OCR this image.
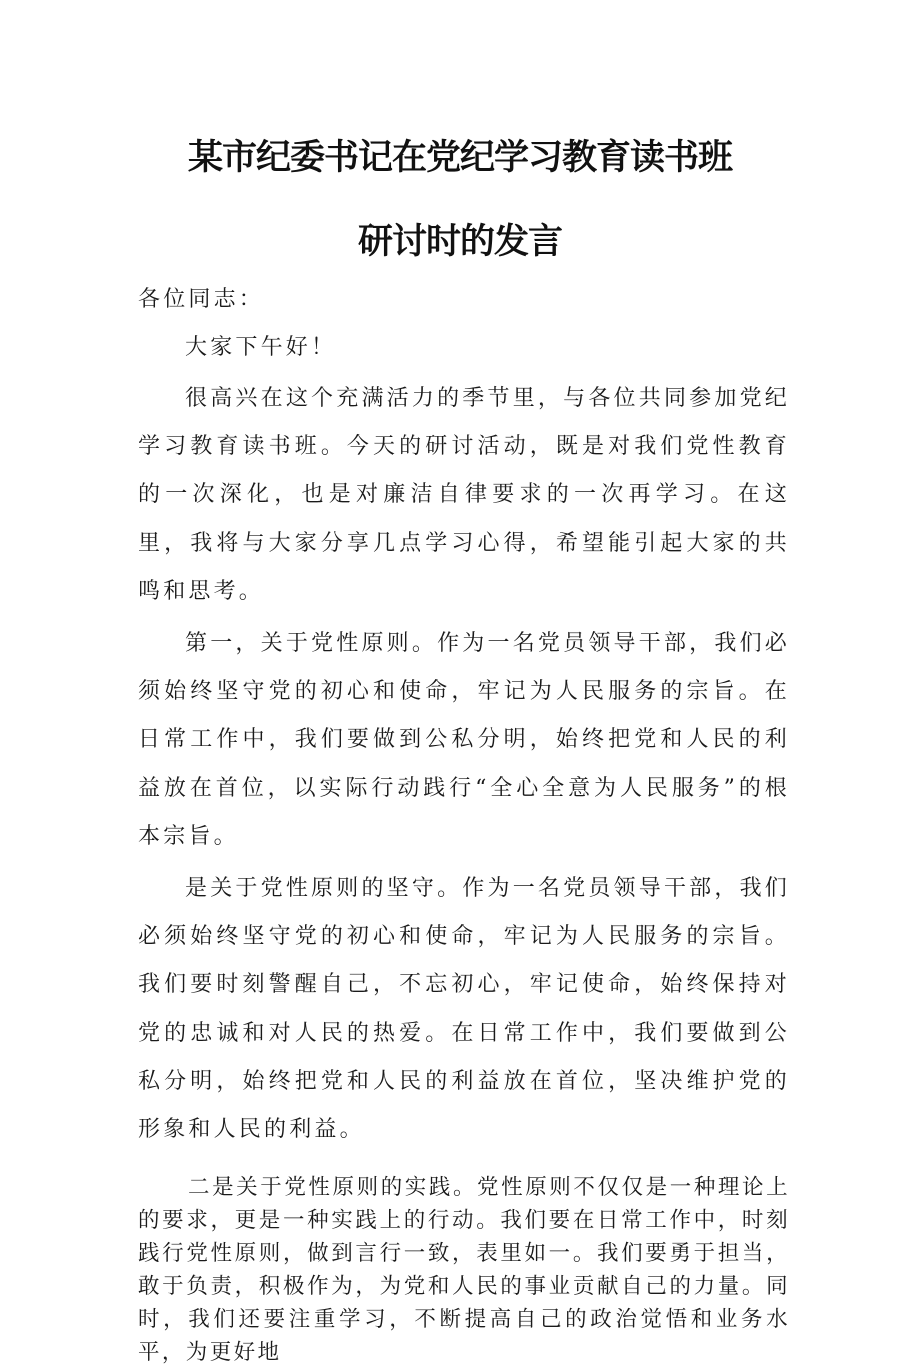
某市纪委书记在党纪学习教育读书班
研讨时的发言

各位同志：

大家下午好！

很高兴在这个充满活力的季节里，与各位共同参加党纪学习教育读书班。今天的研讨活动，既是对我们党性教育的一次深化，也是对廉洁自律要求的一次再学习。在这里，我将与大家分享几点学习心得，希望能引起大家的共鸣和思考。

第一，关于党性原则。作为一名党员领导干部，我们必须始终坚守党的初心和使命，牢记为人民服务的宗旨。在日常工作中，我们要做到公私分明，始终把党和人民的利益放在首位，以实际行动践行“全心全意为人民服务”的根本宗旨。

是关于党性原则的坚守。作为一名党员领导干部，我们必须始终坚守党的初心和使命，牢记为人民服务的宗旨。我们要时刻警醒自己，不忘初心，牢记使命，始终保持对党的忠诚和对人民的热爱。在日常工作中，我们要做到公私分明，始终把党和人民的利益放在首位，坚决维护党的形象和人民的利益。

二是关于党性原则的实践。党性原则不仅仅是一种理论上的要求，更是一种实践上的行动。我们要在日常工作中，时刻践行党性原则，做到言行一致，表里如一。我们要勇于担当，敢于负责，积极作为，为党和人民的事业贡献自己的力量。同时，我们还要注重学习，不断提高自己的政治觉悟和业务水平，为更好地
